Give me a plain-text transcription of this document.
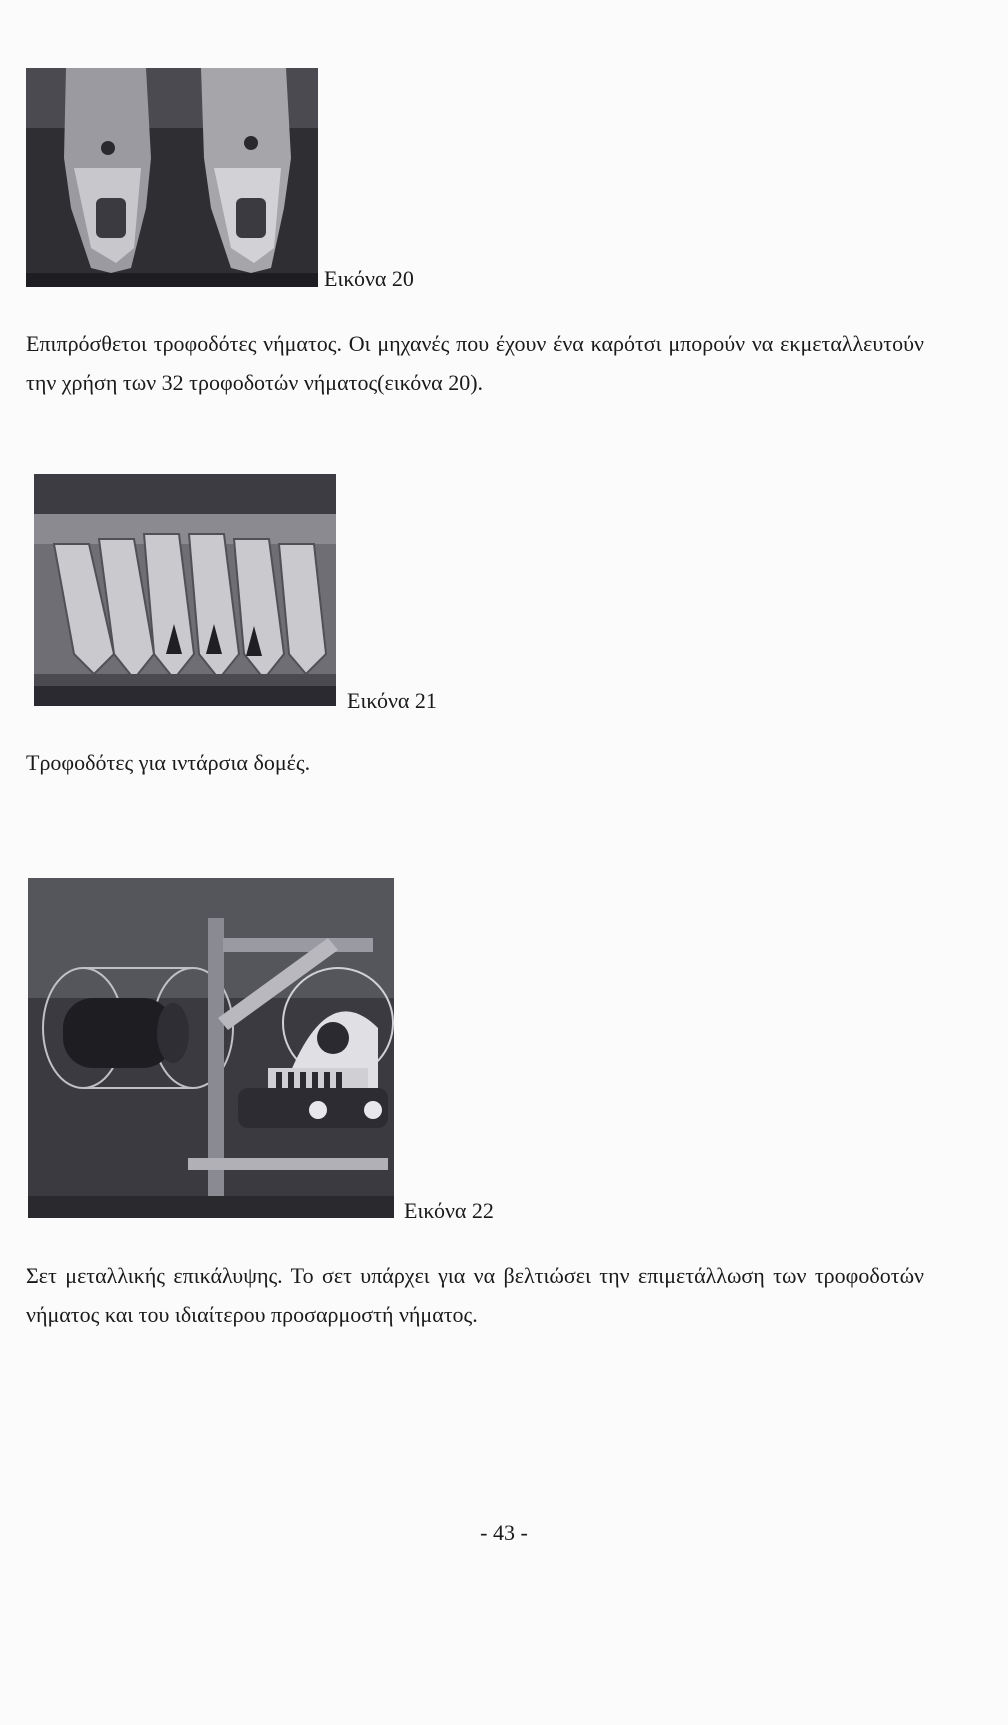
Εικόνα 20

Επιπρόσθετοι τροφοδότες νήματος. Οι μηχανές που έχουν ένα καρότσι μπορούν να εκμεταλλευτούν την χρήση των 32 τροφοδοτών νήματος(εικόνα 20).

Εικόνα 21

Τροφοδότες για ιντάρσια δομές.

Εικόνα 22

Σετ μεταλλικής επικάλυψης. Το σετ υπάρχει για να βελτιώσει την επιμετάλλωση των τροφοδοτών νήματος και του ιδιαίτερου προσαρμοστή νήματος.

- 43 -
